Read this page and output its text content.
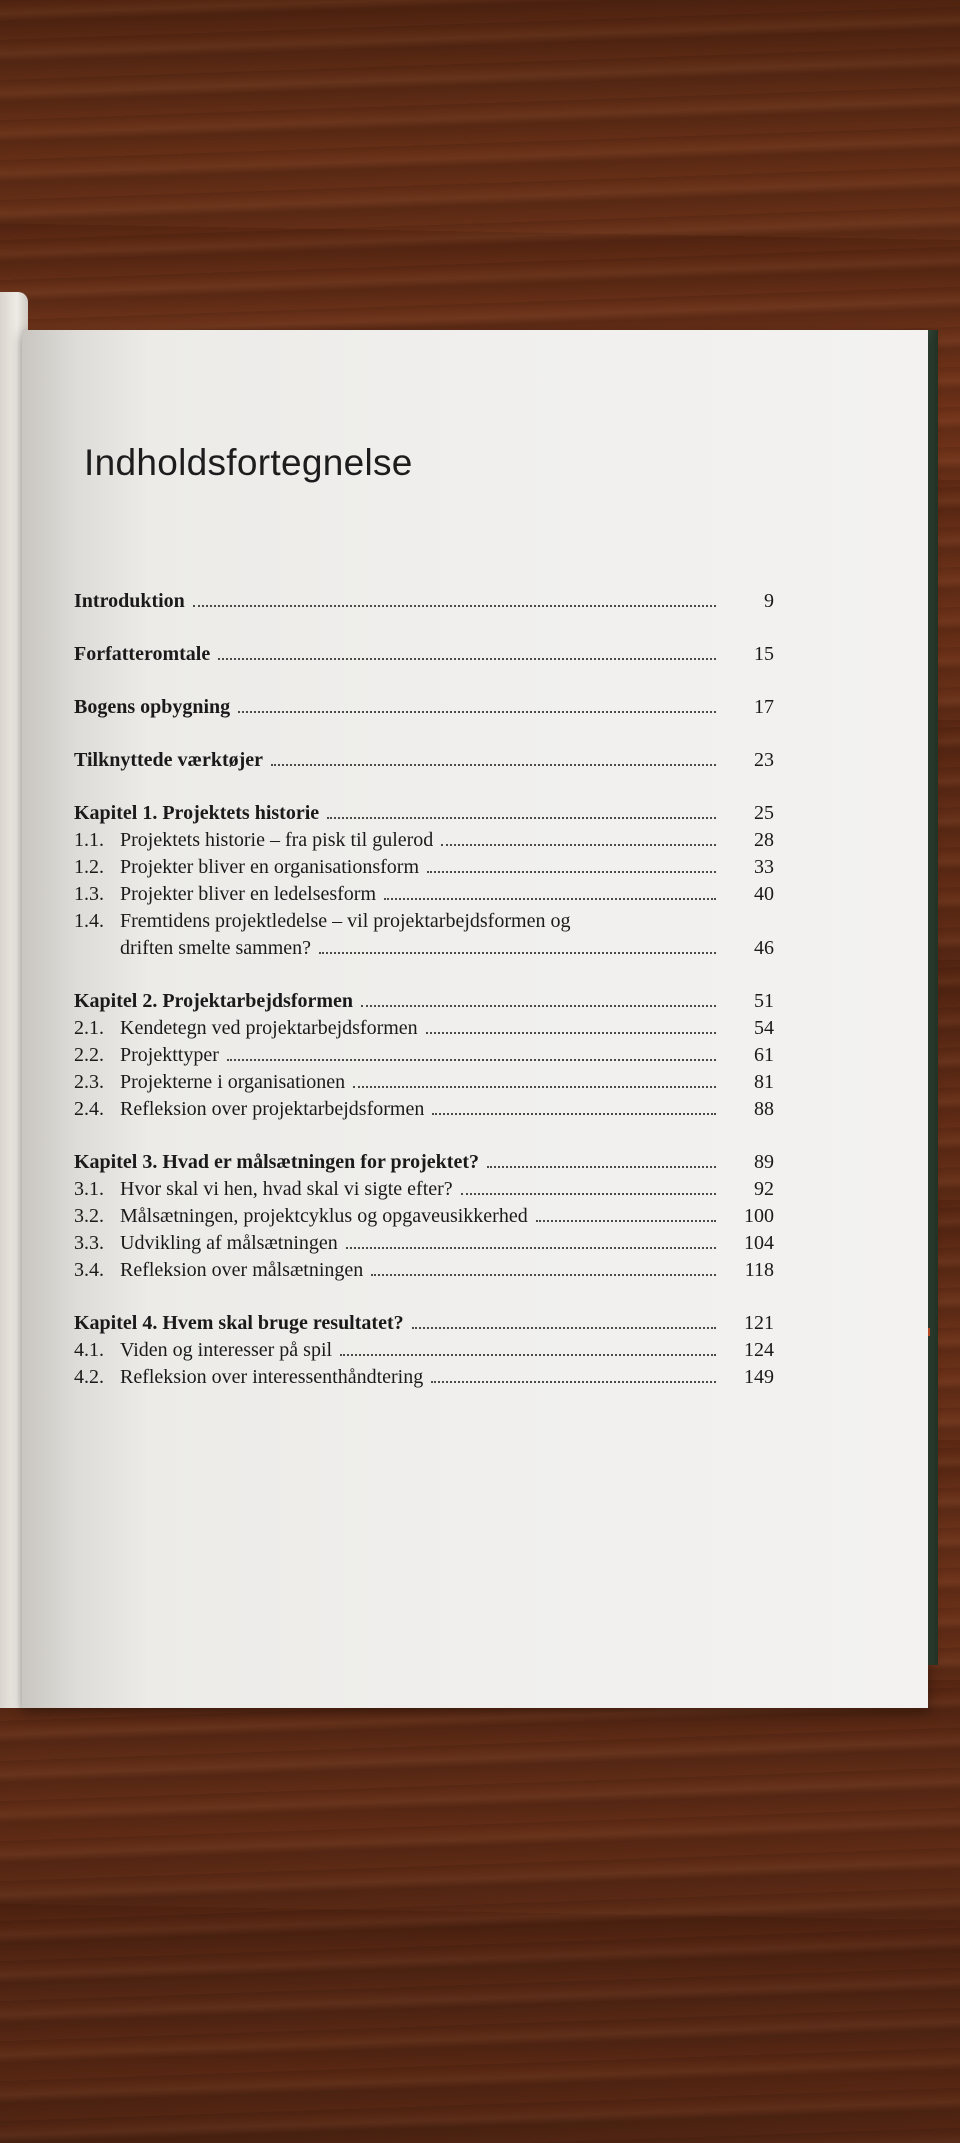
Indholdsfortegnelse
Introduktion	9
Forfatteromtale	15
Bogens opbygning	17
Tilknyttede værktøjer	23
Kapitel 1. Projektets historie	25
1.1. Projektets historie – fra pisk til gulerod	28
1.2. Projekter bliver en organisationsform	33
1.3. Projekter bliver en ledelsesform	40
1.4. Fremtidens projektledelse – vil projektarbejdsformen og
driften smelte sammen?	46
Kapitel 2. Projektarbejdsformen	51
2.1. Kendetegn ved projektarbejdsformen	54
2.2. Projekttyper	61
2.3. Projekterne i organisationen	81
2.4. Refleksion over projektarbejdsformen	88
Kapitel 3. Hvad er målsætningen for projektet?	89
3.1. Hvor skal vi hen, hvad skal vi sigte efter?	92
3.2. Målsætningen, projektcyklus og opgaveusikkerhed	100
3.3. Udvikling af målsætningen	104
3.4. Refleksion over målsætningen	118
Kapitel 4. Hvem skal bruge resultatet?	121
4.1. Viden og interesser på spil	124
4.2. Refleksion over interessenthåndtering	149
